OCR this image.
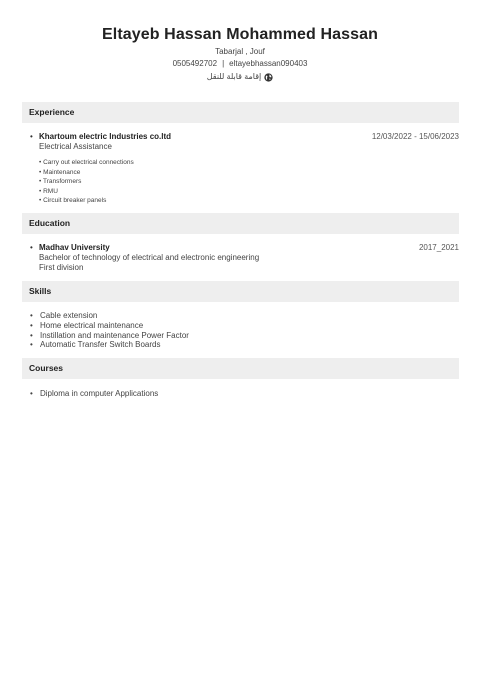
Eltayeb Hassan Mohammed Hassan
Tabarjal , Jouf
0505492702 | eltayebhassan090403
إقامة قابلة للنقل
Experience
• Khartoum electric Industries co.ltd
Electrical Assistance
12/03/2022 - 15/06/2023
• Carry out electrical connections
• Maintenance
• Transformers
• RMU
• Circuit breaker panels
Education
• Madhav University
Bachelor of technology of electrical and electronic engineering
First division
2017_2021
Skills
• Cable extension
• Home electrical maintenance
• Instillation and maintenance Power Factor
• Automatic Transfer Switch Boards
Courses
• Diploma in computer Applications
